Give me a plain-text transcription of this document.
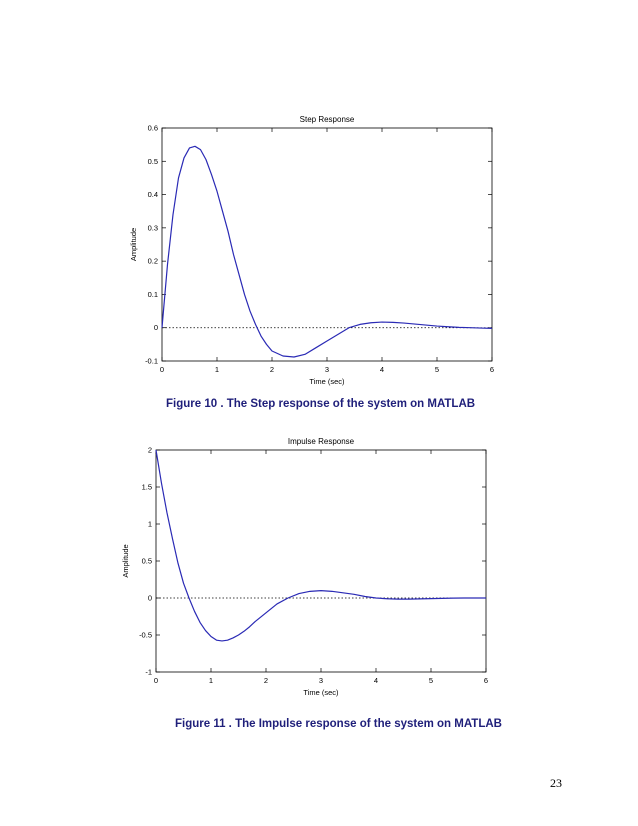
Step Response
0	1	2	3	4	5	6
-0.1
0
0.1
0.2
0.3
0.4
0.5
0.6
Time (sec)
Amplitude
Figure 10 . The Step response of the system on MATLAB
Impulse Response
0	1	2	3	4	5	6
-1
-0.5
0
0.5
1
1.5
2
Time (sec)
Amplitude
Figure 11 . The Impulse response of the system on MATLAB
23
